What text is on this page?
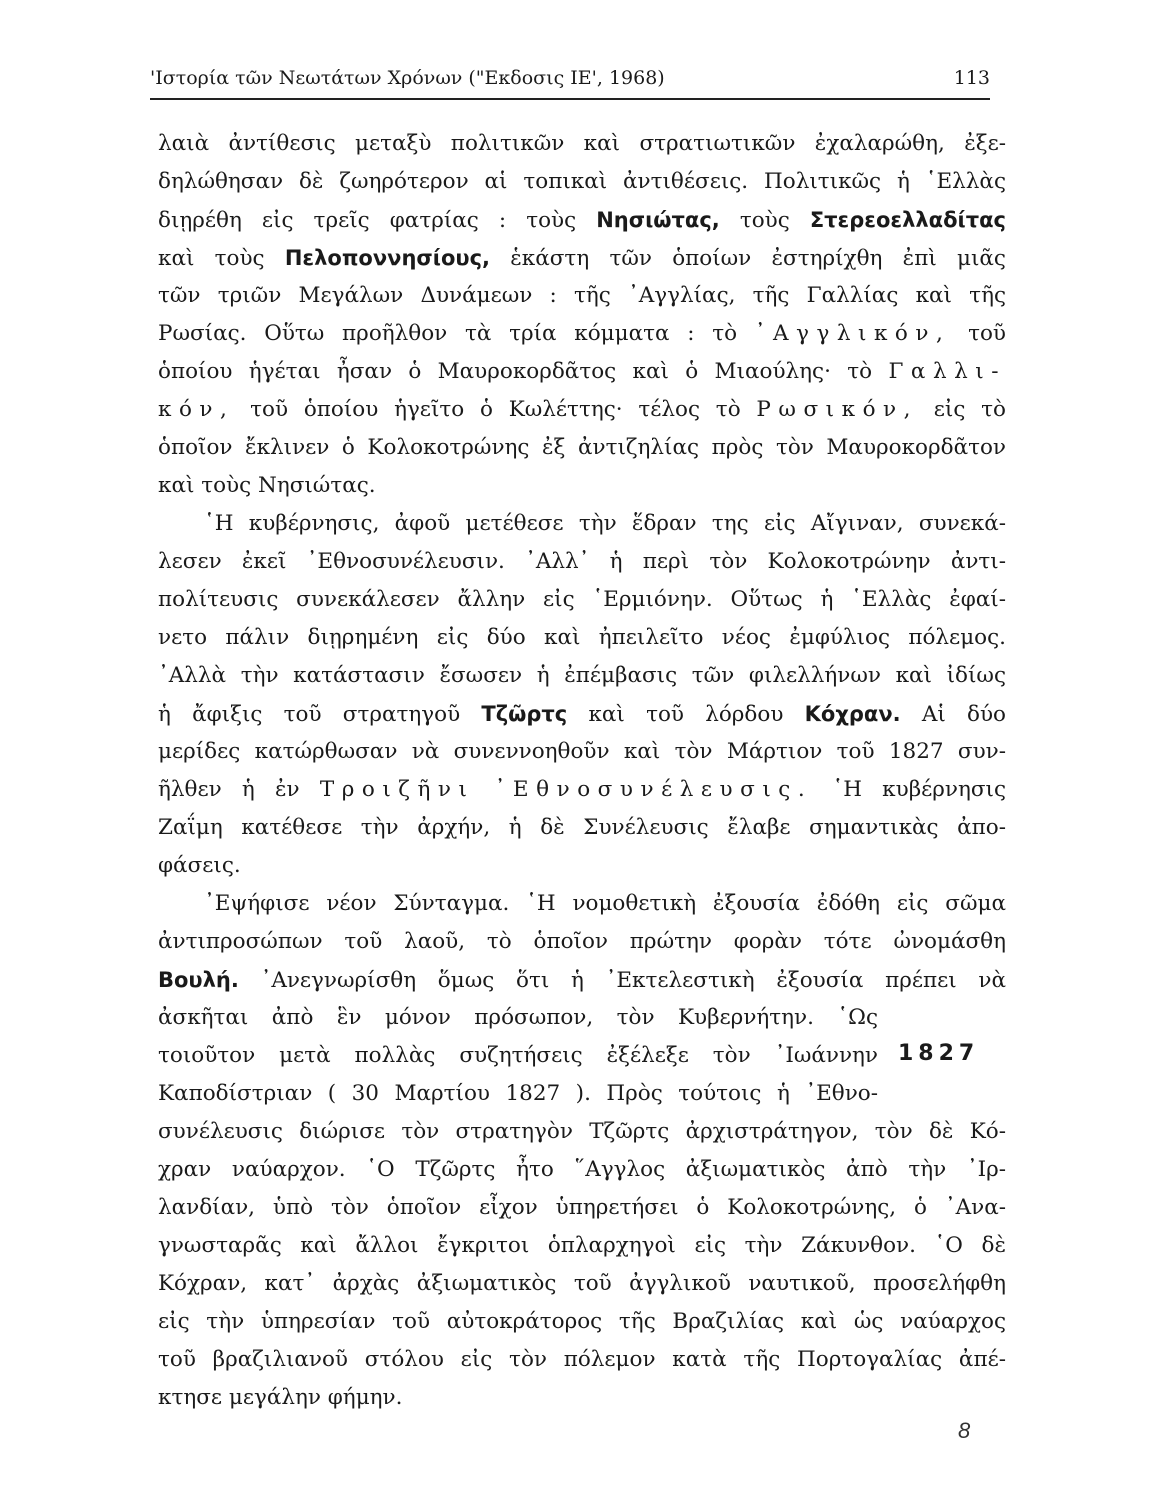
'Ιστορία τῶν Νεωτάτων Χρόνων ("Εκδοσις ΙΕ', 1968)	113
λαιὰ ἀντίθεσις μεταξὺ πολιτικῶν καὶ στρατιωτικῶν ἐχαλαρώθη, ἐξε-
δηλώθησαν δὲ ζωηρότερον αἱ τοπικαὶ ἀντιθέσεις. Πολιτικῶς ἡ ῾Ελλὰς
διῃρέθη εἰς τρεῖς φατρίας : τοὺς Νησιώτας, τοὺς Στερεοελλαδίτας
καὶ τοὺς Πελοποννησίους, ἑκάστη τῶν ὁποίων ἐστηρίχθη ἐπὶ μιᾶς
τῶν τριῶν Μεγάλων Δυνάμεων : τῆς ᾿Αγγλίας, τῆς Γαλλίας καὶ τῆς
Ρωσίας. Οὕτω προῆλθον τὰ τρία κόμματα : τὸ ᾿Αγγλικόν, τοῦ
ὁποίου ἡγέται ἦσαν ὁ Μαυροκορδᾶτος καὶ ὁ Μιαούλης· τὸ Γαλλι-
κόν, τοῦ ὁποίου ἡγεῖτο ὁ Κωλέττης· τέλος τὸ Ρωσικόν, εἰς τὸ
ὁποῖον ἔκλινεν ὁ Κολοκοτρώνης ἐξ ἀντιζηλίας πρὸς τὸν Μαυροκορδᾶτον
καὶ τοὺς Νησιώτας.
῾Η κυβέρνησις, ἀφοῦ μετέθεσε τὴν ἕδραν της εἰς Αἴγιναν, συνεκά-
λεσεν ἐκεῖ ᾿Εθνοσυνέλευσιν. ᾿Αλλ᾿ ἡ περὶ τὸν Κολοκοτρώνην ἀντι-
πολίτευσις συνεκάλεσεν ἄλλην εἰς ῾Ερμιόνην. Οὕτως ἡ ῾Ελλὰς ἐφαί-
νετο πάλιν διῃρημένη εἰς δύο καὶ ἠπειλεῖτο νέος ἐμφύλιος πόλεμος.
᾿Αλλὰ τὴν κατάστασιν ἔσωσεν ἡ ἐπέμβασις τῶν φιλελλήνων καὶ ἰδίως
ἡ ἄφιξις τοῦ στρατηγοῦ Τζῶρτς καὶ τοῦ λόρδου Κόχραν. Αἱ δύο
μερίδες κατώρθωσαν νὰ συνεννοηθοῦν καὶ τὸν Μάρτιον τοῦ 1827 συν-
ῆλθεν ἡ ἐν Τροιζῆνι ᾿Εθνοσυνέλευσις. ῾Η κυβέρνησις
Ζαΐμη κατέθεσε τὴν ἀρχήν, ἡ δὲ Συνέλευσις ἔλαβε σημαντικὰς ἀπο-
φάσεις.
᾿Εψήφισε νέον Σύνταγμα. ῾Η νομοθετικὴ ἐξουσία ἐδόθη εἰς σῶμα
ἀντιπροσώπων τοῦ λαοῦ, τὸ ὁποῖον πρώτην φορὰν τότε ὠνομάσθη
Βουλή. ᾿Ανεγνωρίσθη ὅμως ὅτι ἡ ᾿Εκτελεστικὴ ἐξουσία πρέπει νὰ
ἀσκῆται ἀπὸ ἓν μόνον πρόσωπον, τὸν Κυβερνήτην. ῾Ως
τοιοῦτον μετὰ πολλὰς συζητήσεις ἐξέλεξε τὸν ᾿Ιωάννην
Καποδίστριαν ( 30 Μαρτίου 1827 ). Πρὸς τούτοις ἡ ᾿Εθνο-
συνέλευσις διώρισε τὸν στρατηγὸν Τζῶρτς ἀρχιστράτηγον, τὸν δὲ Κό-
χραν ναύαρχον. ῾Ο Τζῶρτς ἦτο ῞Αγγλος ἀξιωματικὸς ἀπὸ τὴν ᾿Ιρ-
λανδίαν, ὑπὸ τὸν ὁποῖον εἶχον ὑπηρετήσει ὁ Κολοκοτρώνης, ὁ ᾿Ανα-
γνωσταρᾶς καὶ ἄλλοι ἔγκριτοι ὁπλαρχηγοὶ εἰς τὴν Ζάκυνθον. ῾Ο δὲ
Κόχραν, κατ᾿ ἀρχὰς ἀξιωματικὸς τοῦ ἀγγλικοῦ ναυτικοῦ, προσελήφθη
εἰς τὴν ὑπηρεσίαν τοῦ αὐτοκράτορος τῆς Βραζιλίας καὶ ὡς ναύαρχος
τοῦ βραζιλιανοῦ στόλου εἰς τὸν πόλεμον κατὰ τῆς Πορτογαλίας ἀπέ-
κτησε μεγάλην φήμην.
1827
8
